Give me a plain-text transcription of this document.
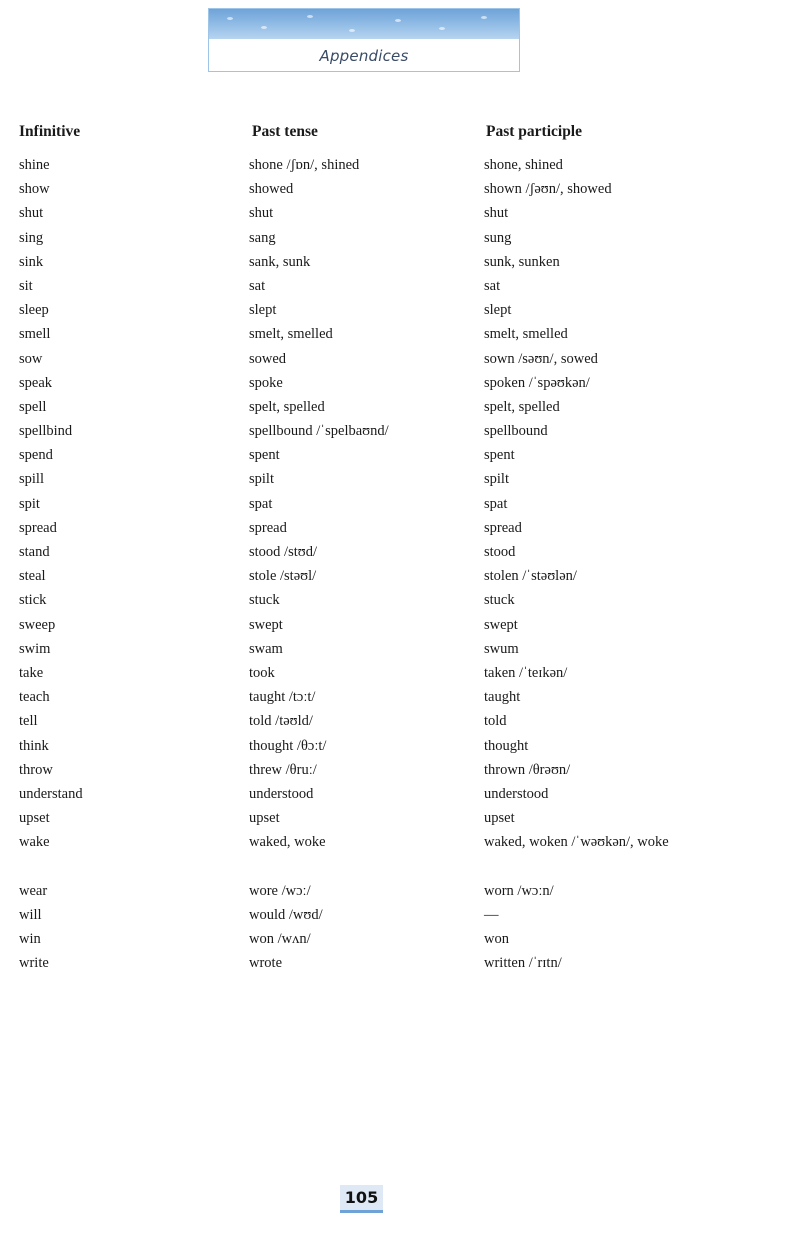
Appendices
Infinitive	Past tense	Past participle
shine	shone /ʃɒn/, shined	shone, shined
show	showed	shown /ʃəʊn/, showed
shut	shut	shut
sing	sang	sung
sink	sank, sunk	sunk, sunken
sit	sat	sat
sleep	slept	slept
smell	smelt, smelled	smelt, smelled
sow	sowed	sown /səʊn/, sowed
speak	spoke	spoken /ˈspəʊkən/
spell	spelt, spelled	spelt, spelled
spellbind	spellbound /ˈspelbaʊnd/	spellbound
spend	spent	spent
spill	spilt	spilt
spit	spat	spat
spread	spread	spread
stand	stood /stʊd/	stood
steal	stole /stəʊl/	stolen /ˈstəʊlən/
stick	stuck	stuck
sweep	swept	swept
swim	swam	swum
take	took	taken /ˈteɪkən/
teach	taught /tɔːt/	taught
tell	told /təʊld/	told
think	thought /θɔːt/	thought
throw	threw /θruː/	thrown /θrəʊn/
understand	understood	understood
upset	upset	upset
wake	waked, woke	waked, woken /ˈwəʊkən/, woke
wear	wore /wɔː/	worn /wɔːn/
will	would /wʊd/	—
win	won /wʌn/	won
write	wrote	written /ˈrɪtn/
105
